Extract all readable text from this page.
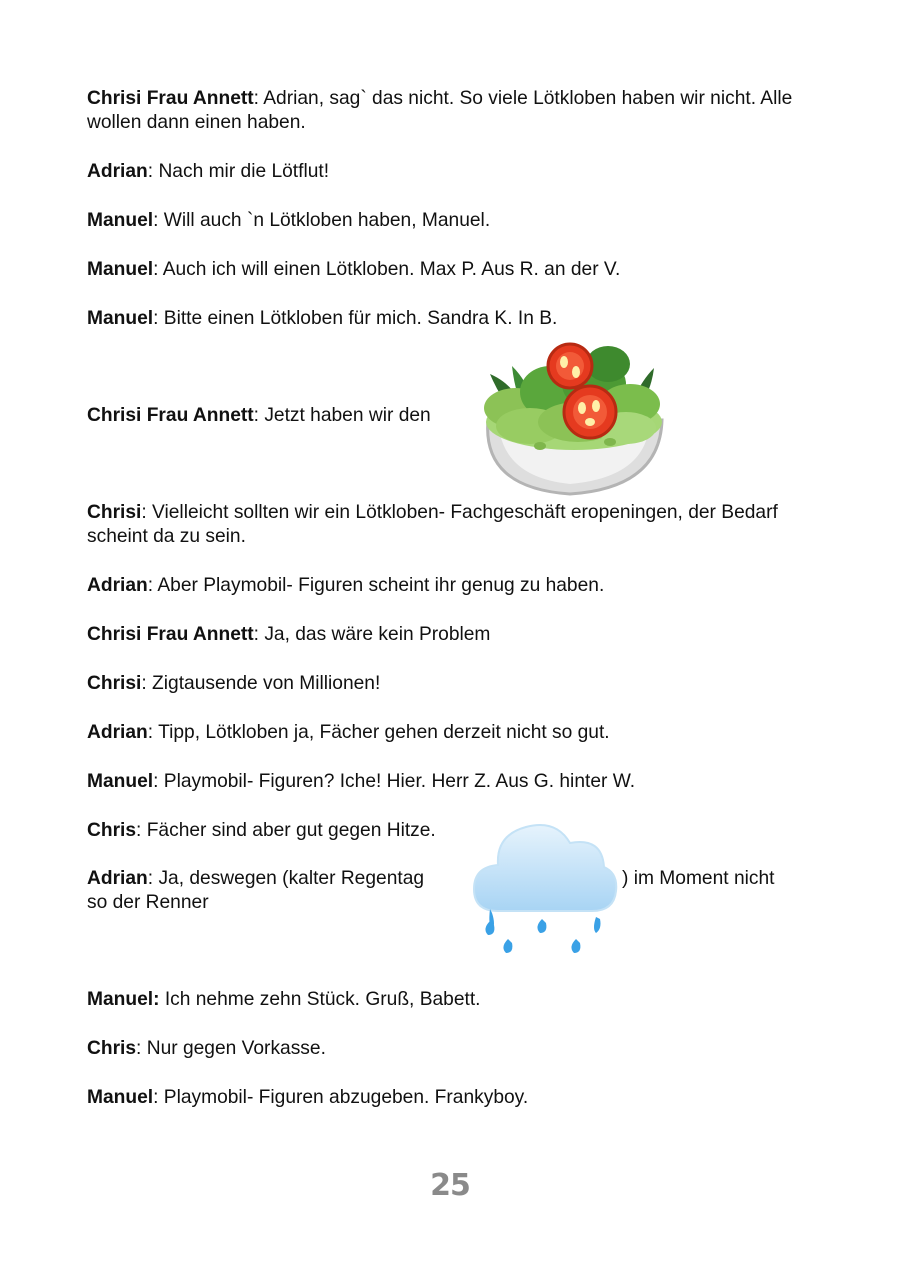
Chrisi Frau Annett: Adrian, sag` das nicht. So viele Lötkloben haben wir nicht. Alle wollen dann einen haben.

Adrian: Nach mir die Lötflut!

Manuel: Will auch `n Lötkloben haben, Manuel.

Manuel: Auch ich will einen Lötkloben. Max P. Aus R. an der V.

Manuel: Bitte einen Lötkloben für mich. Sandra K. In B.

Chrisi Frau Annett: Jetzt haben wir den

Chrisi: Vielleicht sollten wir ein Lötkloben- Fachgeschäft eropeningen, der Bedarf scheint da zu sein.

Adrian: Aber Playmobil- Figuren scheint ihr genug zu haben.

Chrisi Frau Annett: Ja, das wäre kein Problem

Chrisi: Zigtausende von Millionen!

Adrian: Tipp, Lötkloben ja, Fächer gehen derzeit nicht so gut.

Manuel: Playmobil- Figuren? Iche! Hier. Herr Z. Aus G. hinter W.

Chris: Fächer sind aber gut gegen Hitze.

Adrian: Ja, deswegen (kalter Regentag	) im Moment nicht
so der Renner

Manuel: Ich nehme zehn Stück. Gruß, Babett.

Chris: Nur gegen Vorkasse.

Manuel: Playmobil- Figuren abzugeben. Frankyboy.

25
